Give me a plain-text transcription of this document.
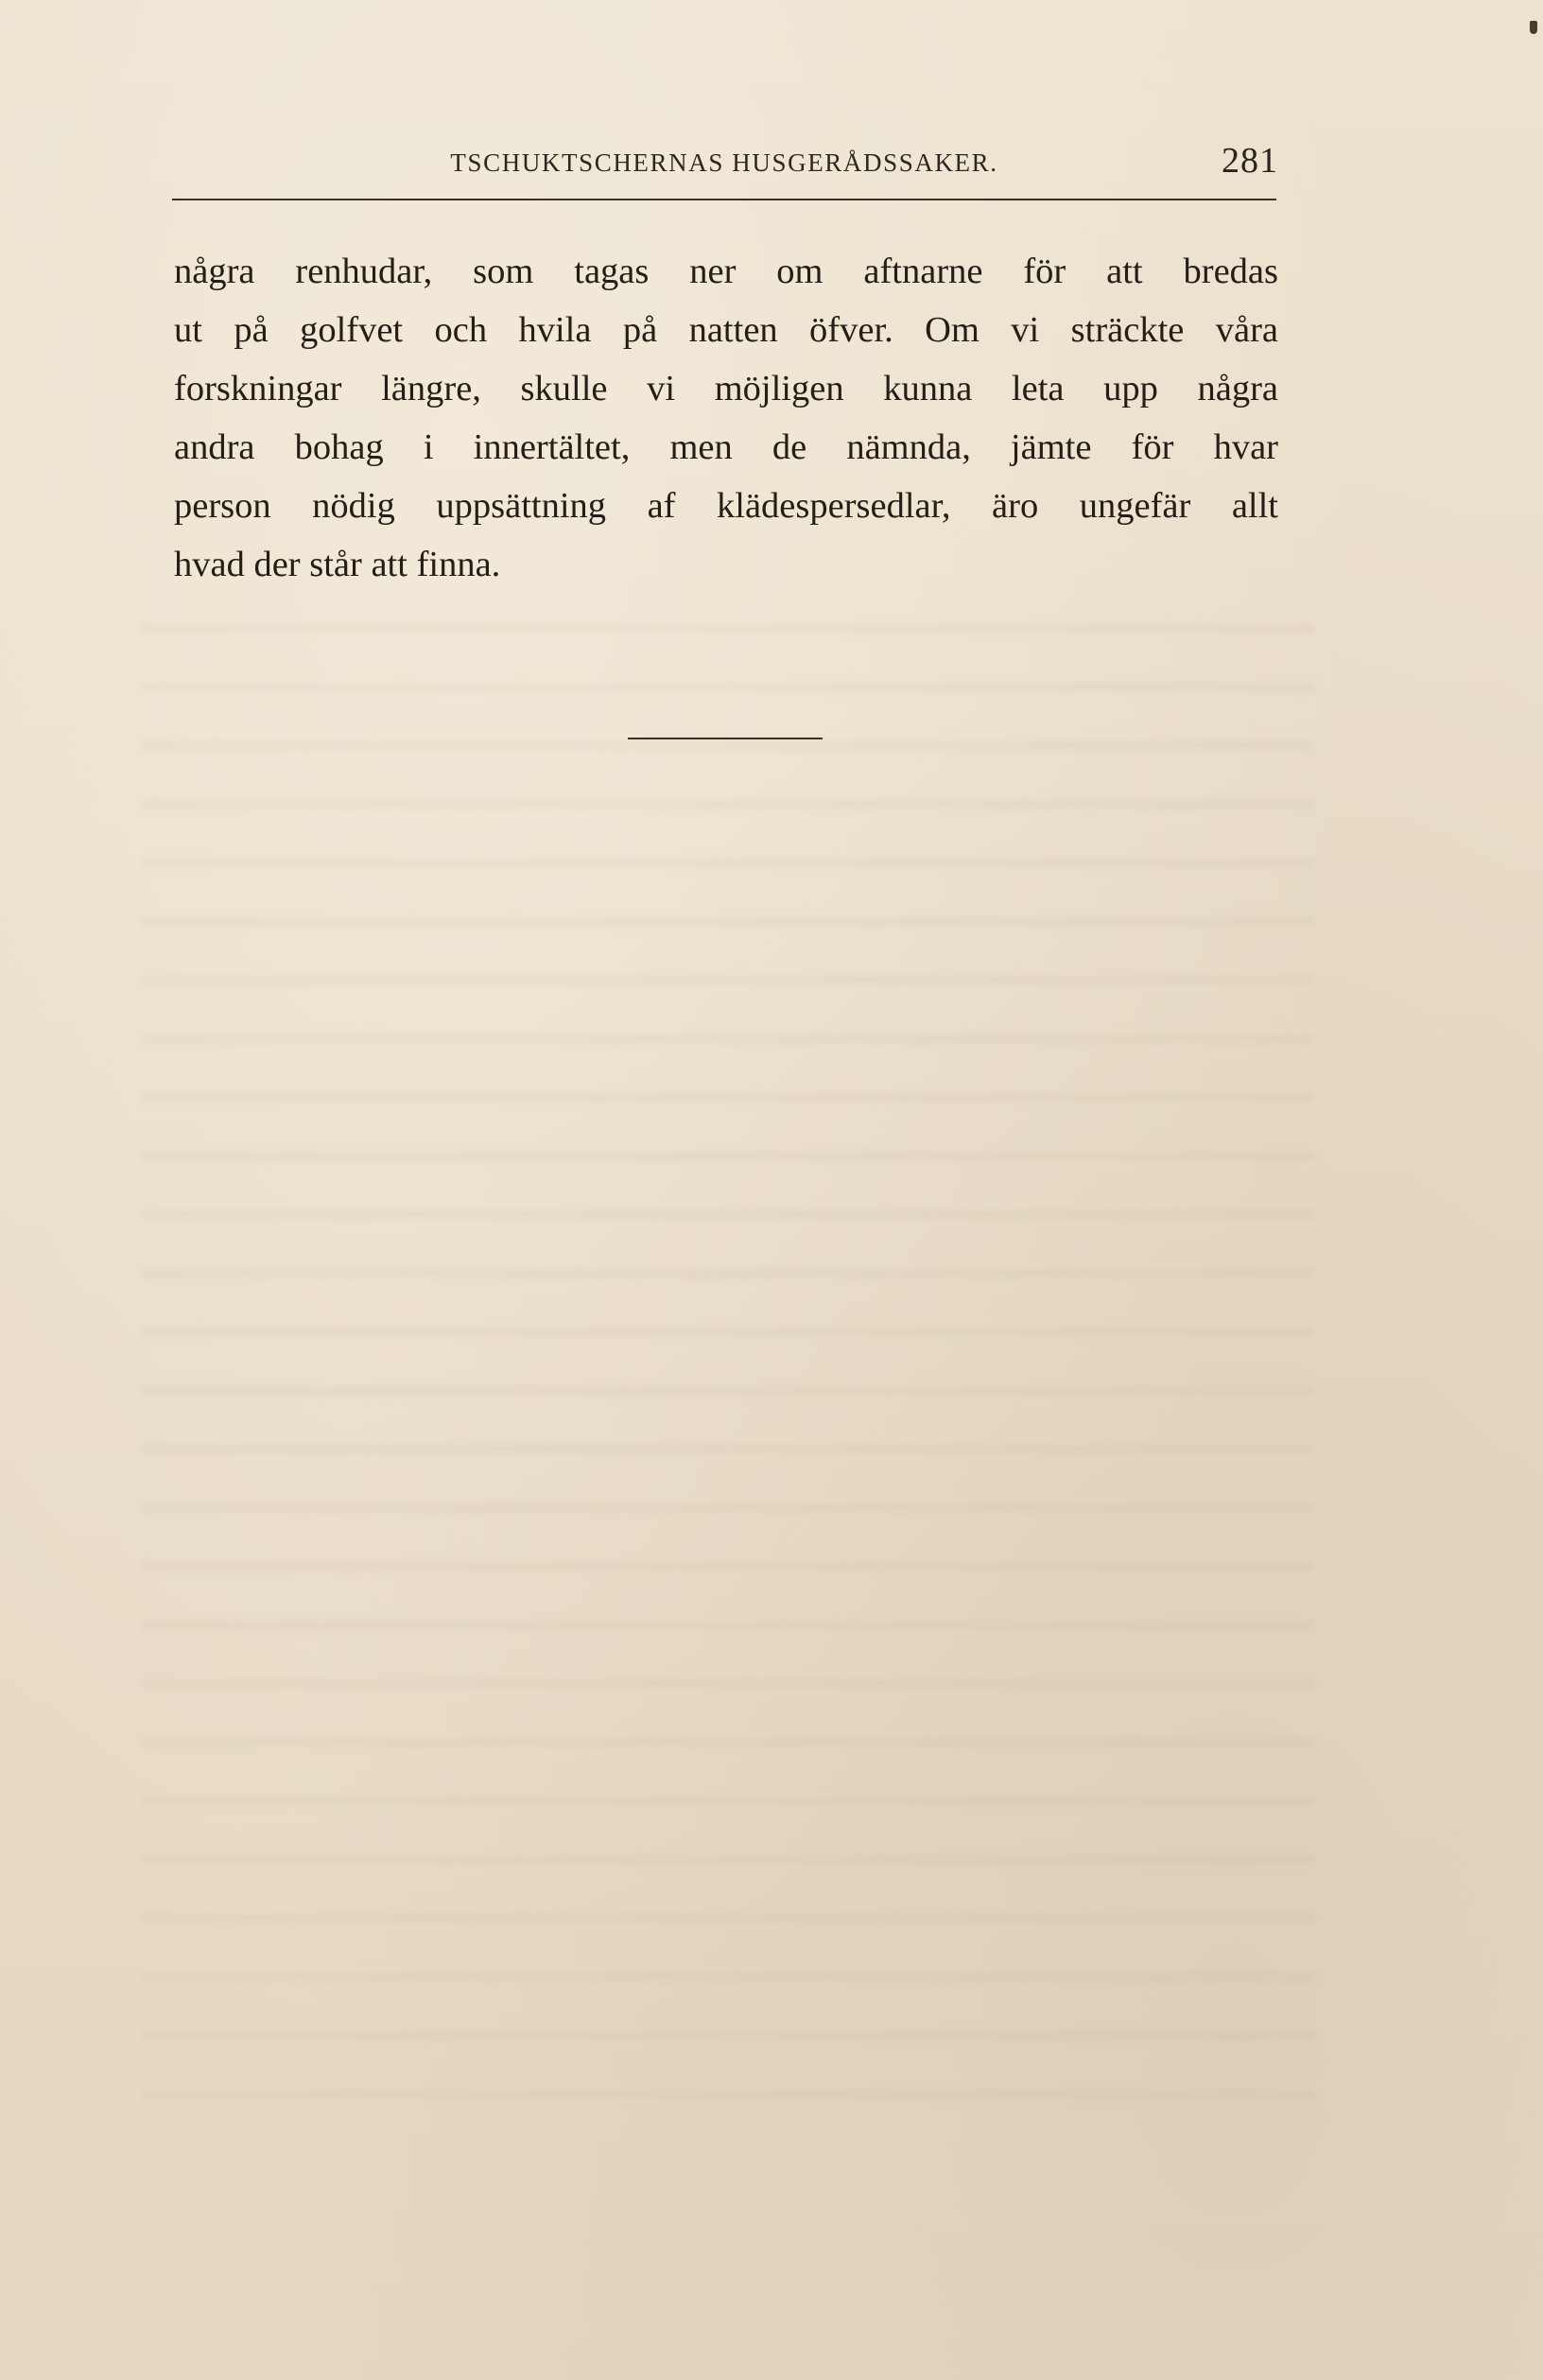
TSCHUKTSCHERNAS HUSGERÅDSSAKER.	281
några renhudar, som tagas ner om aftnarne för att bredas
ut på golfvet och hvila på natten öfver. Om vi sträckte våra
forskningar längre, skulle vi möjligen kunna leta upp några
andra bohag i innertältet, men de nämnda, jämte för hvar
person nödig uppsättning af klädespersedlar, äro ungefär allt
hvad der står att finna.
